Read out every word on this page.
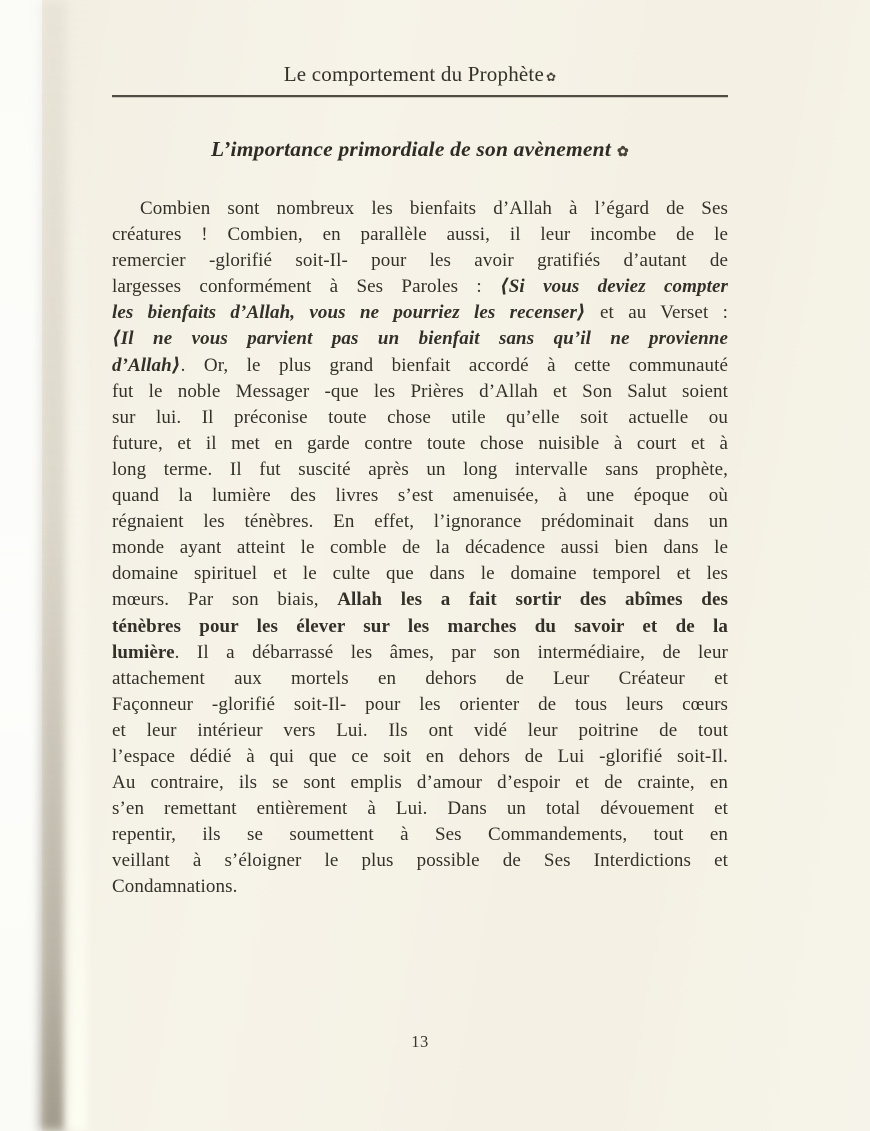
Le comportement du Prophète ✿
L’importance primordiale de son avènement ✿
Combien sont nombreux les bienfaits d’Allah à l’égard de Ses
créatures ! Combien, en parallèle aussi, il leur incombe de le
remercier -glorifié soit-Il- pour les avoir gratifiés d’autant de
largesses conformément à Ses Paroles : ⟨Si vous deviez compter
les bienfaits d’Allah, vous ne pourriez les recenser⟩ et au Verset :
⟨Il ne vous parvient pas un bienfait sans qu’il ne provienne
d’Allah⟩. Or, le plus grand bienfait accordé à cette communauté
fut le noble Messager -que les Prières d’Allah et Son Salut soient
sur lui. Il préconise toute chose utile qu’elle soit actuelle ou
future, et il met en garde contre toute chose nuisible à court et à
long terme. Il fut suscité après un long intervalle sans prophète,
quand la lumière des livres s’est amenuisée, à une époque où
régnaient les ténèbres. En effet, l’ignorance prédominait dans un
monde ayant atteint le comble de la décadence aussi bien dans le
domaine spirituel et le culte que dans le domaine temporel et les
mœurs. Par son biais, Allah les a fait sortir des abîmes des
ténèbres pour les élever sur les marches du savoir et de la
lumière. Il a débarrassé les âmes, par son intermédiaire, de leur
attachement aux mortels en dehors de Leur Créateur et
Façonneur -glorifié soit-Il- pour les orienter de tous leurs cœurs
et leur intérieur vers Lui. Ils ont vidé leur poitrine de tout
l’espace dédié à qui que ce soit en dehors de Lui -glorifié soit-Il.
Au contraire, ils se sont emplis d’amour d’espoir et de crainte, en
s’en remettant entièrement à Lui. Dans un total dévouement et
repentir, ils se soumettent à Ses Commandements, tout en
veillant à s’éloigner le plus possible de Ses Interdictions et
Condamnations.
13
